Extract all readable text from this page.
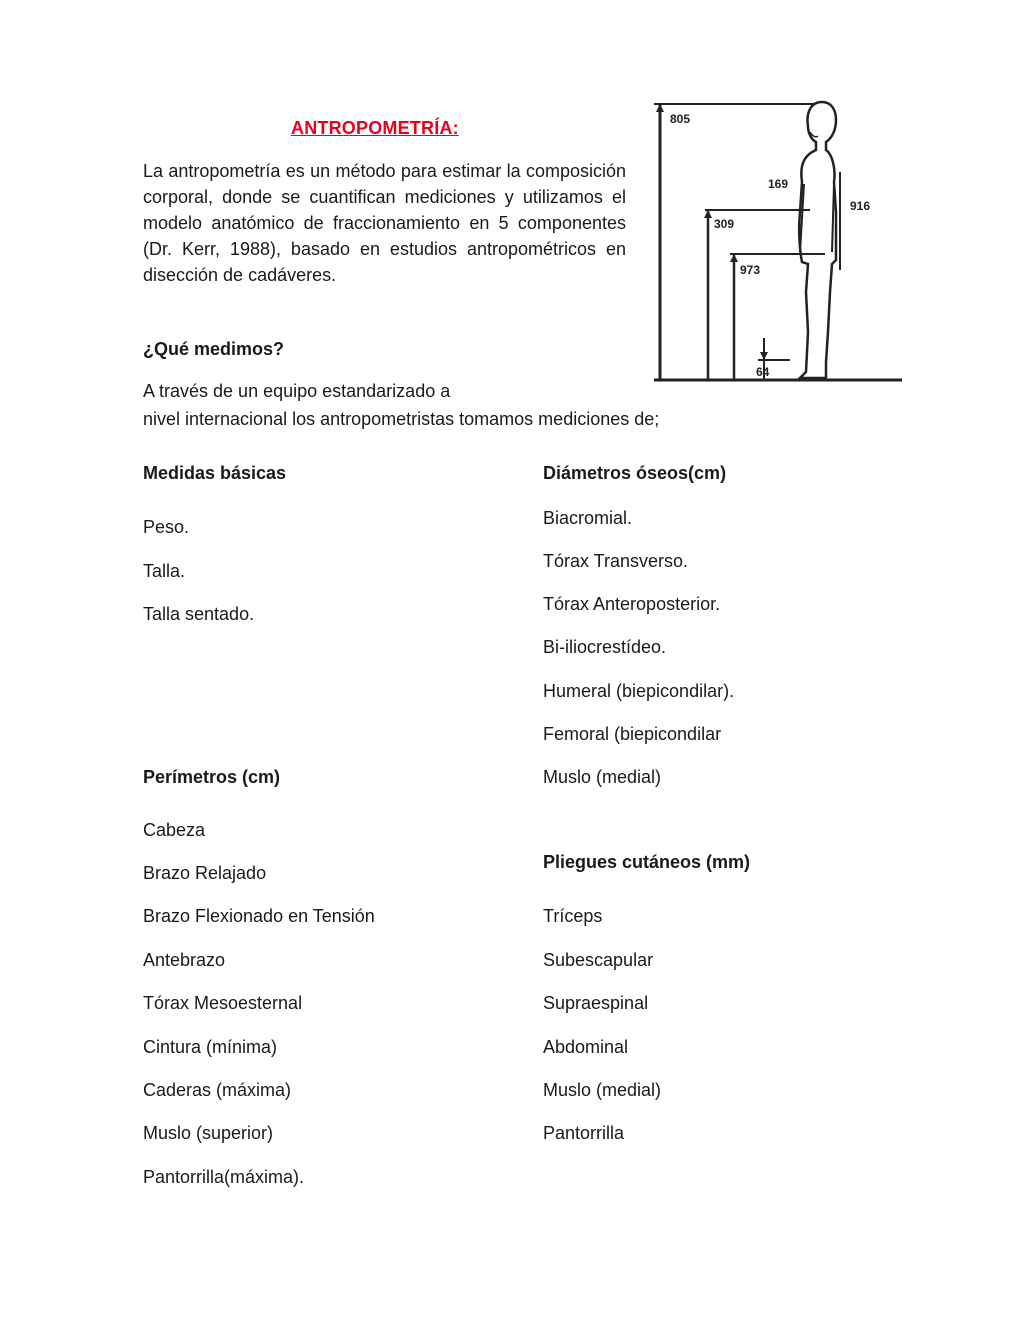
ANTROPOMETRÍA:
La antropometría es un método para estimar la composición corporal, donde se cuantifican mediciones y utilizamos el modelo anatómico de fraccionamiento en 5 componentes (Dr. Kerr, 1988), basado en estudios antropométricos en disección de cadáveres.
805
169
916
309
973
64
¿Qué medimos?
A través de un equipo estandarizado a
nivel internacional los antropometristas tomamos mediciones de;
Medidas básicas
Peso.
Talla.
Talla sentado.
Diámetros óseos(cm)
Biacromial.
Tórax Transverso.
Tórax Anteroposterior.
Bi-iliocrestídeo.
Humeral (biepicondilar).
Femoral (biepicondilar
Muslo (medial)
Perímetros (cm)
Cabeza
Brazo Relajado
Brazo Flexionado en Tensión
Antebrazo
Tórax Mesoesternal
Cintura (mínima)
Caderas (máxima)
Muslo (superior)
Pantorrilla(máxima).
Pliegues cutáneos (mm)
Tríceps
Subescapular
Supraespinal
Abdominal
Muslo (medial)
Pantorrilla
